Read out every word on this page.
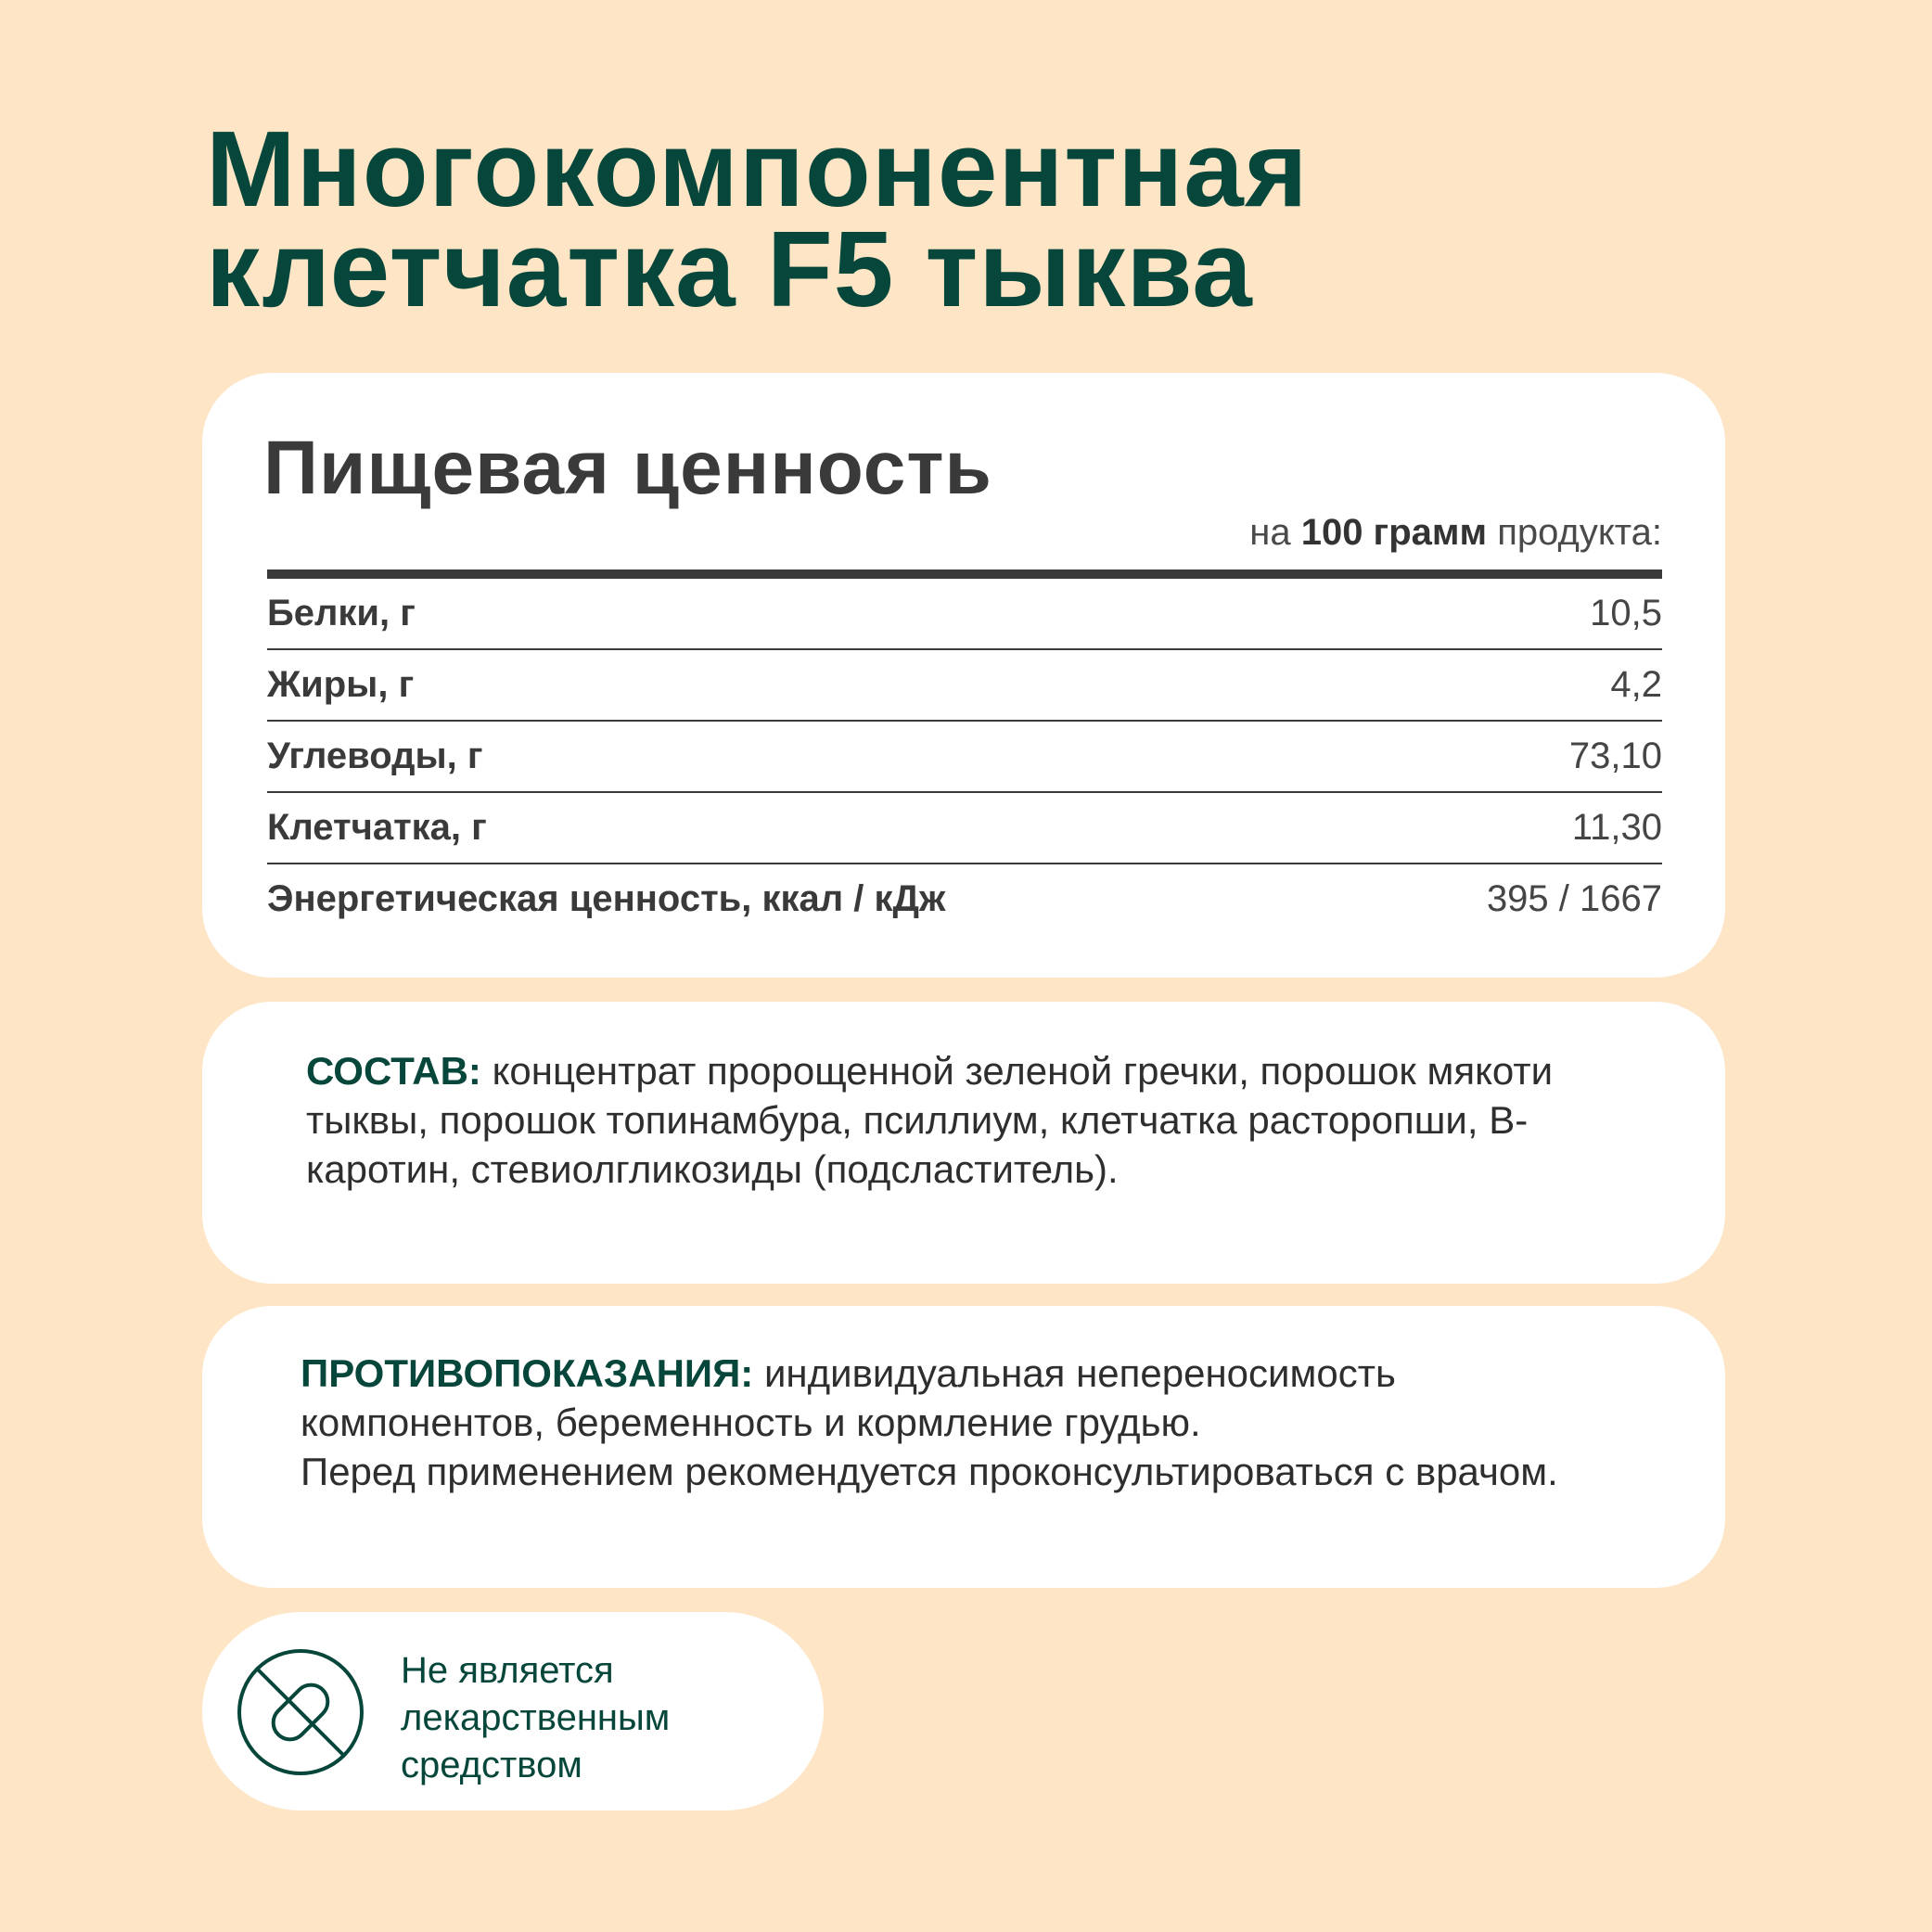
Многокомпонентная
клетчатка F5 тыква
Пищевая ценность
на 100 грамм продукта:
Белки, г	10,5
Жиры, г	4,2
Углеводы, г	73,10
Клетчатка, г	11,30
Энергетическая ценность, ккал / кДж	395 / 1667

СОСТАВ: концентрат пророщенной зеленой гречки, порошок мякоти тыквы, порошок топинамбура, псиллиум, клетчатка расторопши, B-каротин, стевиолгликозиды (подсластитель).

ПРОТИВОПОКАЗАНИЯ: индивидуальная непереносимость компонентов, беременность и кормление грудью.
Перед применением рекомендуется проконсультироваться с врачом.

Не является
лекарственным
средством
